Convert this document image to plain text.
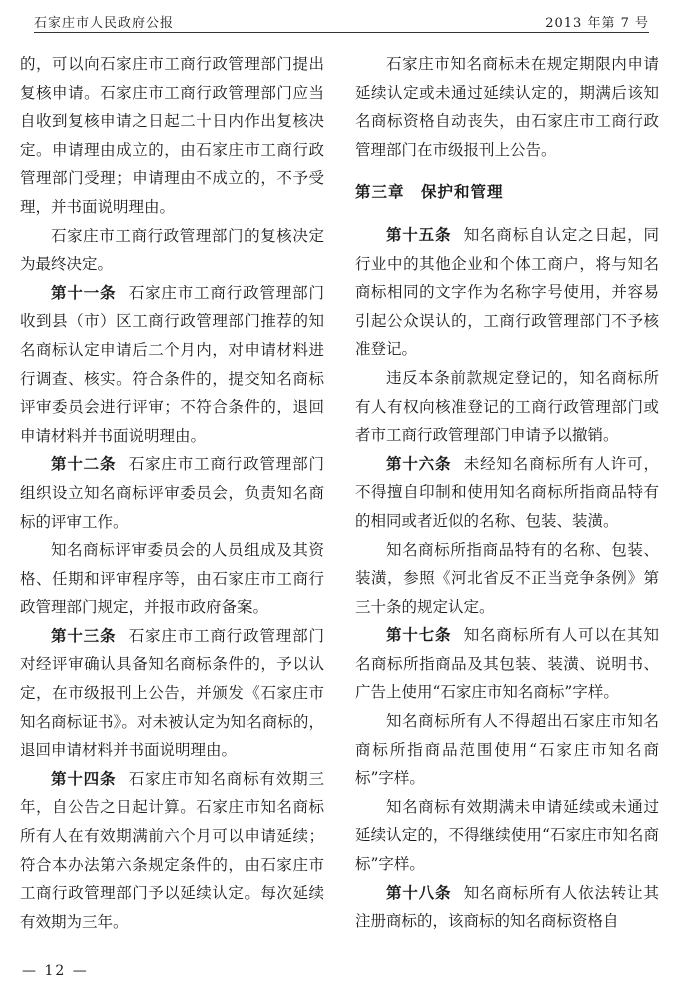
石家庄市人民政府公报	2013 年第 7 号

的，可以向石家庄市工商行政管理部门提出复核申请。石家庄市工商行政管理部门应当自收到复核申请之日起二十日内作出复核决定。申请理由成立的，由石家庄市工商行政管理部门受理；申请理由不成立的，不予受理，并书面说明理由。

石家庄市工商行政管理部门的复核决定为最终决定。

第十一条 石家庄市工商行政管理部门收到县（市）区工商行政管理部门推荐的知名商标认定申请后二个月内，对申请材料进行调查、核实。符合条件的，提交知名商标评审委员会进行评审；不符合条件的，退回申请材料并书面说明理由。

第十二条 石家庄市工商行政管理部门组织设立知名商标评审委员会，负责知名商标的评审工作。

知名商标评审委员会的人员组成及其资格、任期和评审程序等，由石家庄市工商行政管理部门规定，并报市政府备案。

第十三条 石家庄市工商行政管理部门对经评审确认具备知名商标条件的，予以认定，在市级报刊上公告，并颁发《石家庄市知名商标证书》。对未被认定为知名商标的，退回申请材料并书面说明理由。

第十四条 石家庄市知名商标有效期三年，自公告之日起计算。石家庄市知名商标所有人在有效期满前六个月可以申请延续；符合本办法第六条规定条件的，由石家庄市工商行政管理部门予以延续认定。每次延续有效期为三年。

石家庄市知名商标未在规定期限内申请延续认定或未通过延续认定的，期满后该知名商标资格自动丧失，由石家庄市工商行政管理部门在市级报刊上公告。

第三章　保护和管理

第十五条 知名商标自认定之日起，同行业中的其他企业和个体工商户，将与知名商标相同的文字作为名称字号使用，并容易引起公众误认的，工商行政管理部门不予核准登记。

违反本条前款规定登记的，知名商标所有人有权向核准登记的工商行政管理部门或者市工商行政管理部门申请予以撤销。

第十六条 未经知名商标所有人许可，不得擅自印制和使用知名商标所指商品特有的相同或者近似的名称、包装、装潢。

知名商标所指商品特有的名称、包装、装潢，参照《河北省反不正当竞争条例》第三十条的规定认定。

第十七条 知名商标所有人可以在其知名商标所指商品及其包装、装潢、说明书、广告上使用“石家庄市知名商标”字样。

知名商标所有人不得超出石家庄市知名商标所指商品范围使用“石家庄市知名商标”字样。

知名商标有效期满未申请延续或未通过延续认定的，不得继续使用“石家庄市知名商标”字样。

第十八条 知名商标所有人依法转让其注册商标的，该商标的知名商标资格自

— 12 —
